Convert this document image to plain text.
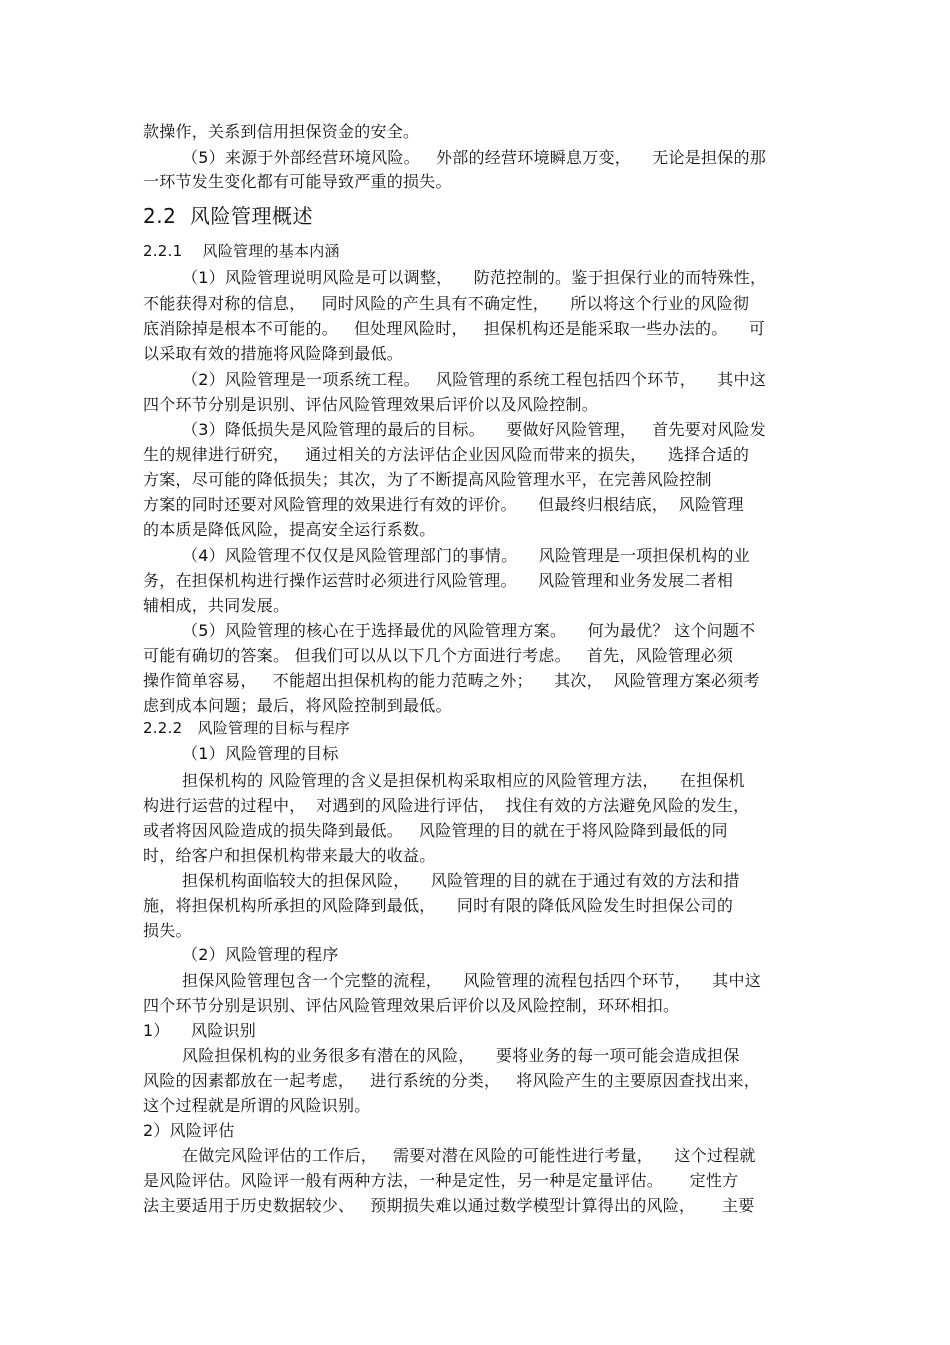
款操作，关系到信用担保资金的安全。
（5）来源于外部经营环境风险。   外部的经营环境瞬息万变，    无论是担保的那
一环节发生变化都有可能导致严重的损失。
2.2  风险管理概述
2.2.1    风险管理的基本内涵
（1）风险管理说明风险是可以调整，    防范控制的。鉴于担保行业的而特殊性，
不能获得对称的信息，   同时风险的产生具有不确定性，    所以将这个行业的风险彻
底消除掉是根本不可能的。   但处理风险时，   担保机构还是能采取一些办法的。    可
以采取有效的措施将风险降到最低。
（2）风险管理是一项系统工程。   风险管理的系统工程包括四个环节，    其中这
四个环节分别是识别、评估风险管理效果后评价以及风险控制。
（3）降低损失是风险管理的最后的目标。    要做好风险管理，   首先要对风险发
生的规律进行研究，   通过相关的方法评估企业因风险而带来的损失，    选择合适的
方案，尽可能的降低损失；其次，为了不断提高风险管理水平，在完善风险控制
方案的同时还要对风险管理的效果进行有效的评价。    但最终归根结底，  风险管理
的本质是降低风险，提高安全运行系数。
（4）风险管理不仅仅是风险管理部门的事情。    风险管理是一项担保机构的业
务，在担保机构进行操作运营时必须进行风险管理。    风险管理和业务发展二者相
辅相成，共同发展。
（5）风险管理的核心在于选择最优的风险管理方案。    何为最优？ 这个问题不
可能有确切的答案。 但我们可以从以下几个方面进行考虑。   首先，风险管理必须
操作简单容易，   不能超出担保机构的能力范畴之外；    其次，  风险管理方案必须考
虑到成本问题；最后，将风险控制到最低。
2.2.2   风险管理的目标与程序
（1）风险管理的目标
担保机构的 风险管理的含义是担保机构采取相应的风险管理方法，    在担保机
构进行运营的过程中，  对遇到的风险进行评估，  找住有效的方法避免风险的发生，
或者将因风险造成的损失降到最低。   风险管理的目的就在于将风险降到最低的同
时，给客户和担保机构带来最大的收益。
担保机构面临较大的担保风险，    风险管理的目的就在于通过有效的方法和措
施，将担保机构所承担的风险降到最低，    同时有限的降低风险发生时担保公司的
损失。
（2）风险管理的程序
担保风险管理包含一个完整的流程，    风险管理的流程包括四个环节，    其中这
四个环节分别是识别、评估风险管理效果后评价以及风险控制，环环相扣。
1）    风险识别
风险担保机构的业务很多有潜在的风险，    要将业务的每一项可能会造成担保
风险的因素都放在一起考虑，   进行系统的分类，   将风险产生的主要原因查找出来，
这个过程就是所谓的风险识别。
2）风险评估
在做完风险评估的工作后，   需要对潜在风险的可能性进行考量，    这个过程就
是风险评估。风险评一般有两种方法，一种是定性，另一种是定量评估。     定性方
法主要适用于历史数据较少、   预期损失难以通过数学模型计算得出的风险，     主要
